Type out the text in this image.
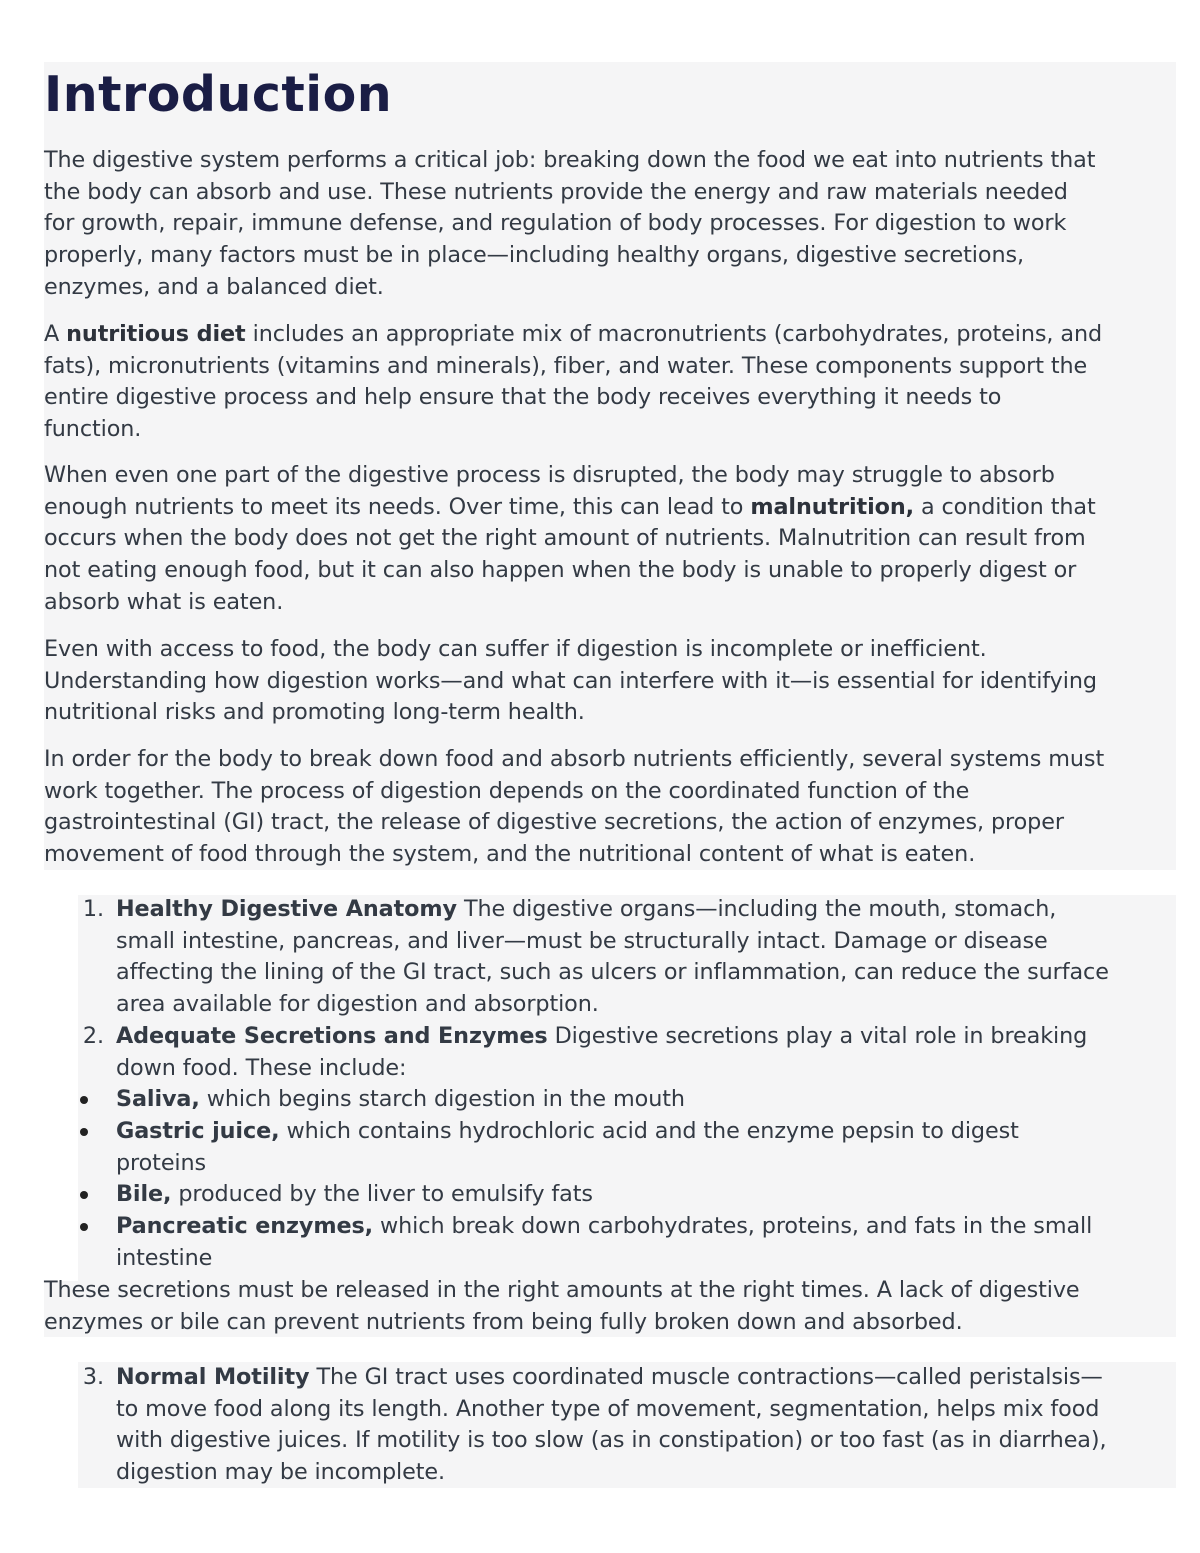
Introduction
The digestive system performs a critical job: breaking down the food we eat into nutrients that
the body can absorb and use. These nutrients provide the energy and raw materials needed
for growth, repair, immune defense, and regulation of body processes. For digestion to work
properly, many factors must be in place—including healthy organs, digestive secretions,
enzymes, and a balanced diet.
A nutritious diet includes an appropriate mix of macronutrients (carbohydrates, proteins, and
fats), micronutrients (vitamins and minerals), fiber, and water. These components support the
entire digestive process and help ensure that the body receives everything it needs to
function.
When even one part of the digestive process is disrupted, the body may struggle to absorb
enough nutrients to meet its needs. Over time, this can lead to malnutrition, a condition that
occurs when the body does not get the right amount of nutrients. Malnutrition can result from
not eating enough food, but it can also happen when the body is unable to properly digest or
absorb what is eaten.
Even with access to food, the body can suffer if digestion is incomplete or inefficient.
Understanding how digestion works—and what can interfere with it—is essential for identifying
nutritional risks and promoting long-term health.
In order for the body to break down food and absorb nutrients efficiently, several systems must
work together. The process of digestion depends on the coordinated function of the
gastrointestinal (GI) tract, the release of digestive secretions, the action of enzymes, proper
movement of food through the system, and the nutritional content of what is eaten.
1. Healthy Digestive Anatomy The digestive organs—including the mouth, stomach,
small intestine, pancreas, and liver—must be structurally intact. Damage or disease
affecting the lining of the GI tract, such as ulcers or inflammation, can reduce the surface
area available for digestion and absorption.
2. Adequate Secretions and Enzymes Digestive secretions play a vital role in breaking
down food. These include:
Saliva, which begins starch digestion in the mouth
Gastric juice, which contains hydrochloric acid and the enzyme pepsin to digest
proteins
Bile, produced by the liver to emulsify fats
Pancreatic enzymes, which break down carbohydrates, proteins, and fats in the small
intestine
These secretions must be released in the right amounts at the right times. A lack of digestive
enzymes or bile can prevent nutrients from being fully broken down and absorbed.
3. Normal Motility The GI tract uses coordinated muscle contractions—called peristalsis—
to move food along its length. Another type of movement, segmentation, helps mix food
with digestive juices. If motility is too slow (as in constipation) or too fast (as in diarrhea),
digestion may be incomplete.
